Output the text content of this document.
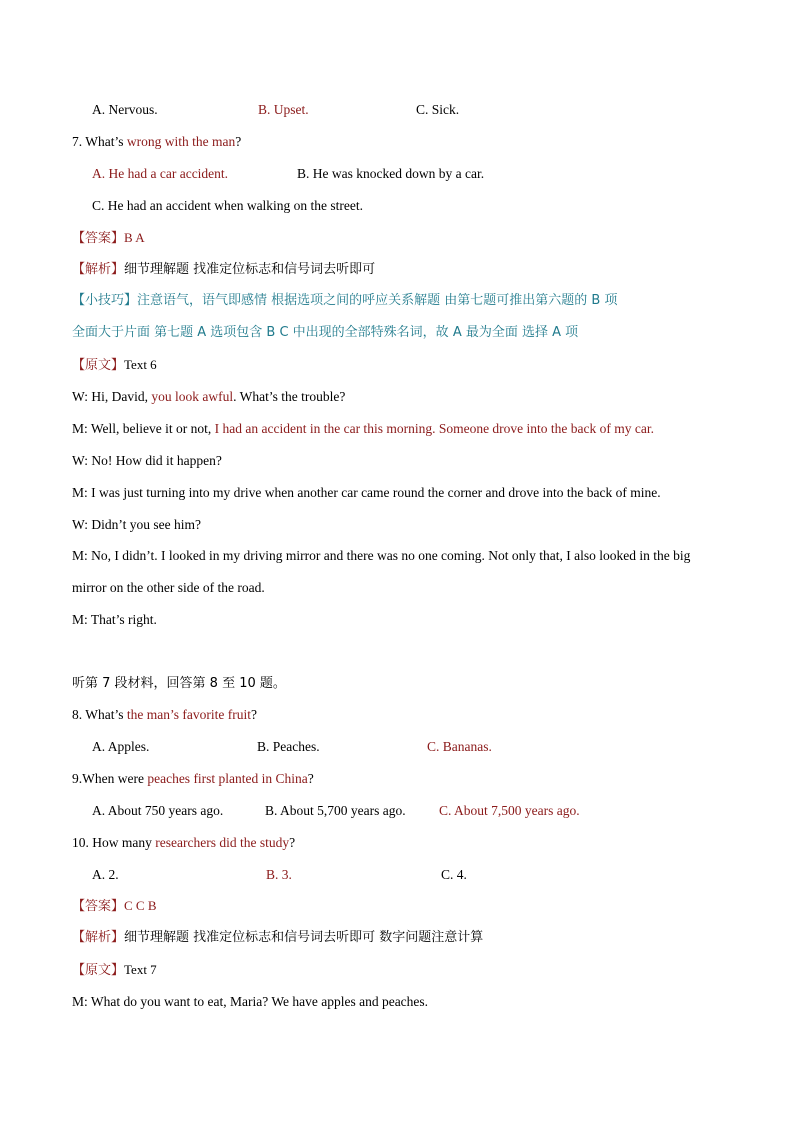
A. Nervous.	B. Upset.	C. Sick.
7. What’s wrong with the man?
A. He had a car accident.	B. He was knocked down by a car.
C. He had an accident when walking on the street.
【答案】B A
【解析】细节理解题 找准定位标志和信号词去听即可
【小技巧】注意语气，语气即感情 根据选项之间的呼应关系解题 由第七题可推出第六题的 B 项
全面大于片面 第七题 A 选项包含 B C 中出现的全部特殊名词，故 A 最为全面 选择 A 项
【原文】Text 6
W: Hi, David, you look awful. What’s the trouble?
M: Well, believe it or not, I had an accident in the car this morning. Someone drove into the back of my car.
W: No! How did it happen?
M: I was just turning into my drive when another car came round the corner and drove into the back of mine.
W: Didn’t you see him?
M: No, I didn’t. I looked in my driving mirror and there was no one coming. Not only that, I also looked in the big
mirror on the other side of the road.
M: That’s right.
听第 7 段材料，回答第 8 至 10 题。
8. What’s the man’s favorite fruit?
A. Apples.	B. Peaches.	C. Bananas.
9.When were peaches first planted in China?
A. About 750 years ago.	B. About 5,700 years ago. C. About 7,500 years ago.
10. How many researchers did the study?
A. 2.	B. 3.	C. 4.
【答案】C C B
【解析】细节理解题 找准定位标志和信号词去听即可 数字问题注意计算
【原文】Text 7
M: What do you want to eat, Maria? We have apples and peaches.
